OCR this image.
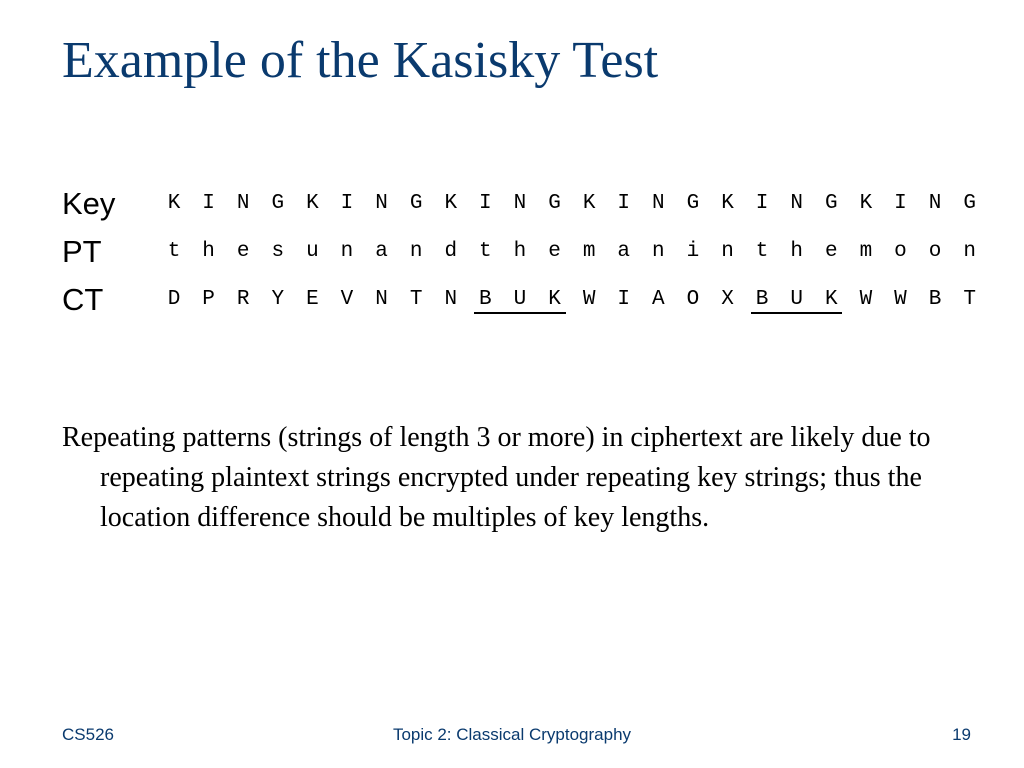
Example of the Kasisky Test
Key K I N G K I N G K I N G K I N G K I N G K I N G
PT	t h e s u n a n d t h e m a n i n t h e m o o n
CT	D P R Y E V N T N B U K W I A O X B U K W W B T
Repeating patterns (strings of length 3 or more) in ciphertext are likely due to repeating plaintext strings encrypted under repeating key strings; thus the location difference should be multiples of key lengths.
CS526	Topic 2: Classical Cryptography	19
